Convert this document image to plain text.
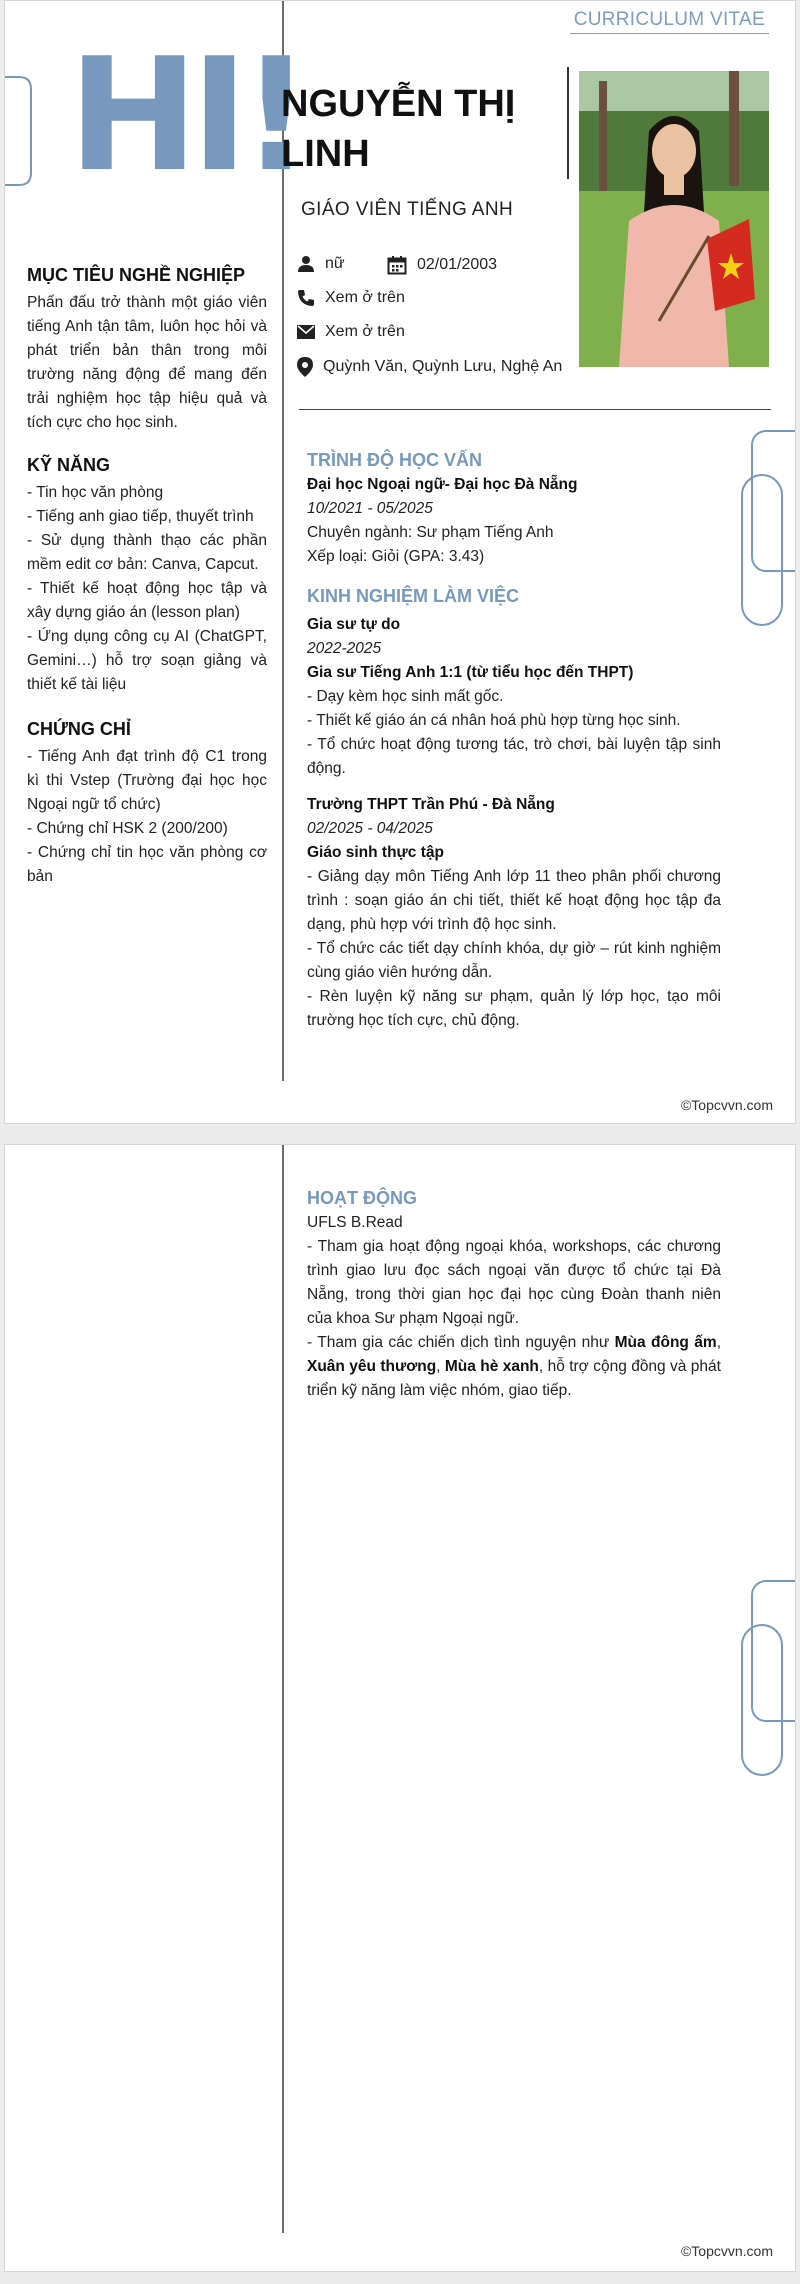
CURRICULUM VITAE
HI!
NGUYỄN THỊ
LINH
GIÁO VIÊN TIẾNG ANH
nữ	02/01/2003
Xem ở trên
Xem ở trên
Quỳnh Văn, Quỳnh Lưu, Nghệ An
MỤC TIÊU NGHỀ NGHIỆP

Phấn đấu trở thành một giáo viên tiếng Anh tận tâm, luôn học hỏi và phát triển bản thân trong môi trường năng động để mang đến trải nghiệm học tập hiệu quả và tích cực cho học sinh.

KỸ NĂNG
- Tin học văn phòng
- Tiếng anh giao tiếp, thuyết trình
- Sử dụng thành thạo các phần mềm edit cơ bản: Canva, Capcut.
- Thiết kế hoạt động học tập và xây dựng giáo án (lesson plan)
- Ứng dụng công cụ AI (ChatGPT, Gemini…) hỗ trợ soạn giảng và thiết kế tài liệu
CHỨNG CHỈ
- Tiếng Anh đạt trình độ C1 trong kì thi Vstep (Trường đại học học Ngoại ngữ tổ chức)
- Chứng chỉ HSK 2 (200/200)
- Chứng chỉ tin học văn phòng cơ bản
TRÌNH ĐỘ HỌC VẤN
Đại học Ngoại ngữ- Đại học Đà Nẵng
10/2021 - 05/2025
Chuyên ngành: Sư phạm Tiếng Anh
Xếp loại: Giỏi (GPA: 3.43)
KINH NGHIỆM LÀM VIỆC
Gia sư tự do
2022-2025
Gia sư Tiếng Anh 1:1 (từ tiểu học đến THPT)
- Dạy kèm học sinh mất gốc.
- Thiết kế giáo án cá nhân hoá phù hợp từng học sinh.
- Tổ chức hoạt động tương tác, trò chơi, bài luyện tập sinh động.
Trường THPT Trần Phú - Đà Nẵng
02/2025 - 04/2025
Giáo sinh thực tập
- Giảng dạy môn Tiếng Anh lớp 11 theo phân phối chương trình : soạn giáo án chi tiết, thiết kế hoạt động học tập đa dạng, phù hợp với trình độ học sinh.
- Tổ chức các tiết dạy chính khóa, dự giờ – rút kinh nghiệm cùng giáo viên hướng dẫn.
- Rèn luyện kỹ năng sư phạm, quản lý lớp học, tạo môi trường học tích cực, chủ động.
©Topcvvn.com
HOẠT ĐỘNG
UFLS B.Read

- Tham gia hoạt động ngoại khóa, workshops, các chương trình giao lưu đọc sách ngoại văn được tổ chức tại Đà Nẵng, trong thời gian học đại học cùng Đoàn thanh niên của khoa Sư phạm Ngoại ngữ.

- Tham gia các chiến dịch tình nguyện như Mùa đông ấm, Xuân yêu thương, Mùa hè xanh, hỗ trợ cộng đồng và phát triển kỹ năng làm việc nhóm, giao tiếp.

©Topcvvn.com
